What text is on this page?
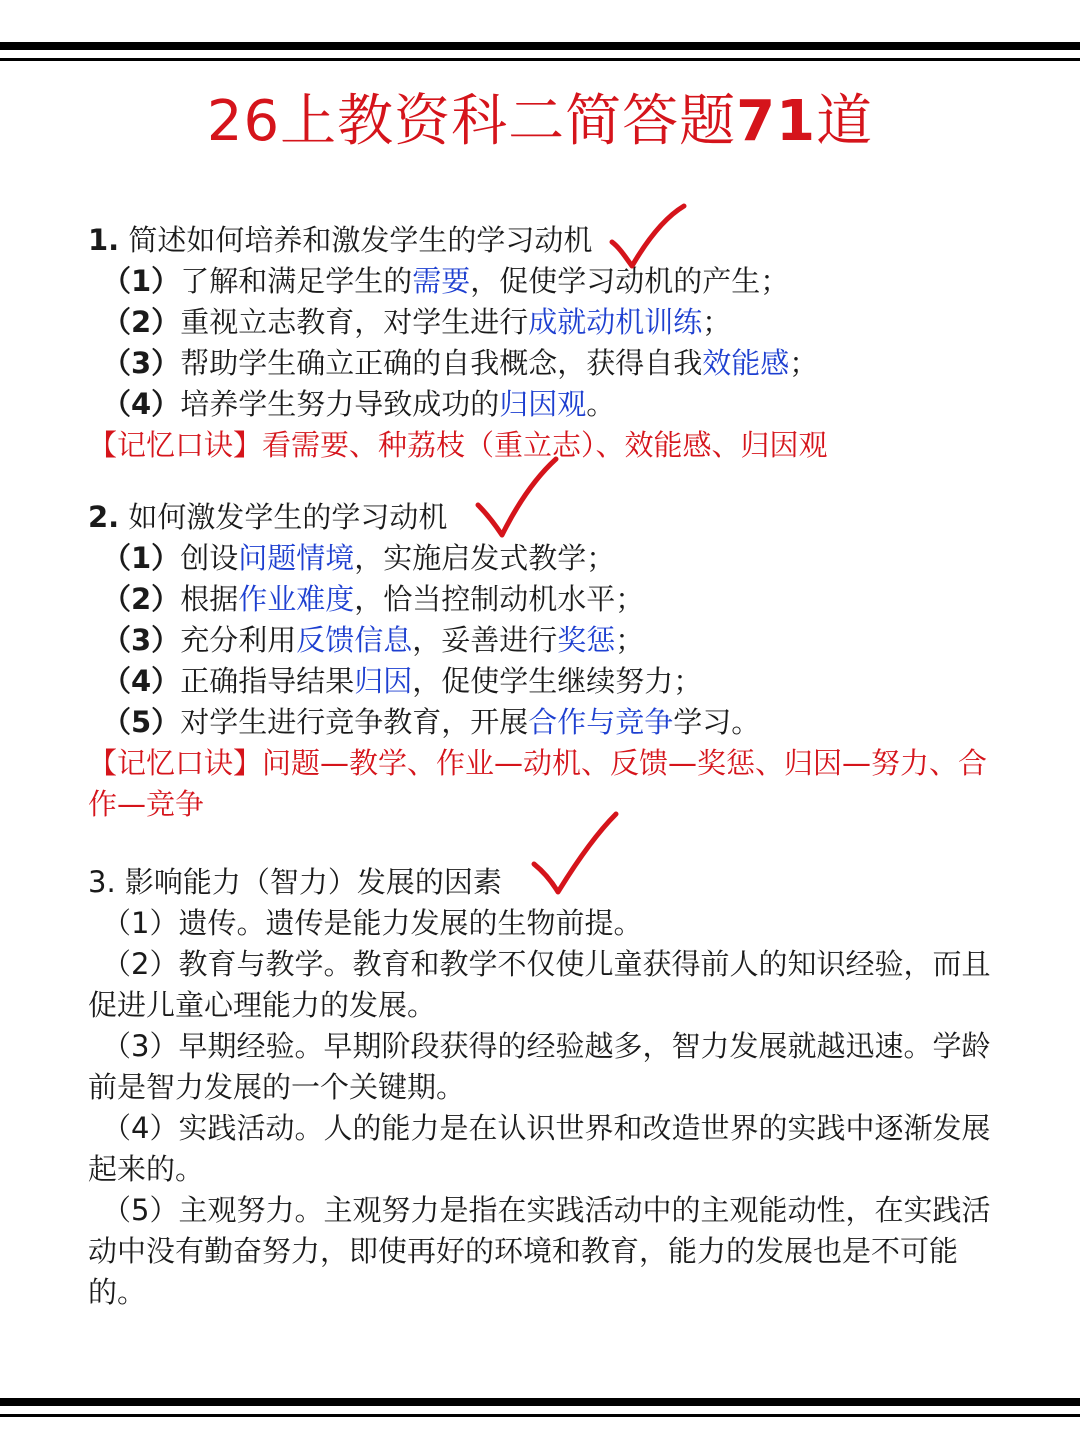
26上教资科二简答题71道
1. 简述如何培养和激发学生的学习动机
（1）了解和满足学生的需要，促使学习动机的产生；
（2）重视立志教育，对学生进行成就动机训练；
（3）帮助学生确立正确的自我概念，获得自我效能感；
（4）培养学生努力导致成功的归因观。
【记忆口诀】看需要、种荔枝（重立志）、效能感、归因观
2. 如何激发学生的学习动机
（1）创设问题情境，实施启发式教学；
（2）根据作业难度，恰当控制动机水平；
（3）充分利用反馈信息，妥善进行奖惩；
（4）正确指导结果归因，促使学生继续努力；
（5）对学生进行竞争教育，开展合作与竞争学习。
【记忆口诀】问题—教学、作业—动机、反馈—奖惩、归因—努力、合
作—竞争
3. 影响能力（智力）发展的因素
（1）遗传。遗传是能力发展的生物前提。
（2）教育与教学。教育和教学不仅使儿童获得前人的知识经验，而且
促进儿童心理能力的发展。
（3）早期经验。早期阶段获得的经验越多，智力发展就越迅速。学龄
前是智力发展的一个关键期。
（4）实践活动。人的能力是在认识世界和改造世界的实践中逐渐发展
起来的。
（5）主观努力。主观努力是指在实践活动中的主观能动性，在实践活
动中没有勤奋努力，即使再好的环境和教育，能力的发展也是不可能
的。
